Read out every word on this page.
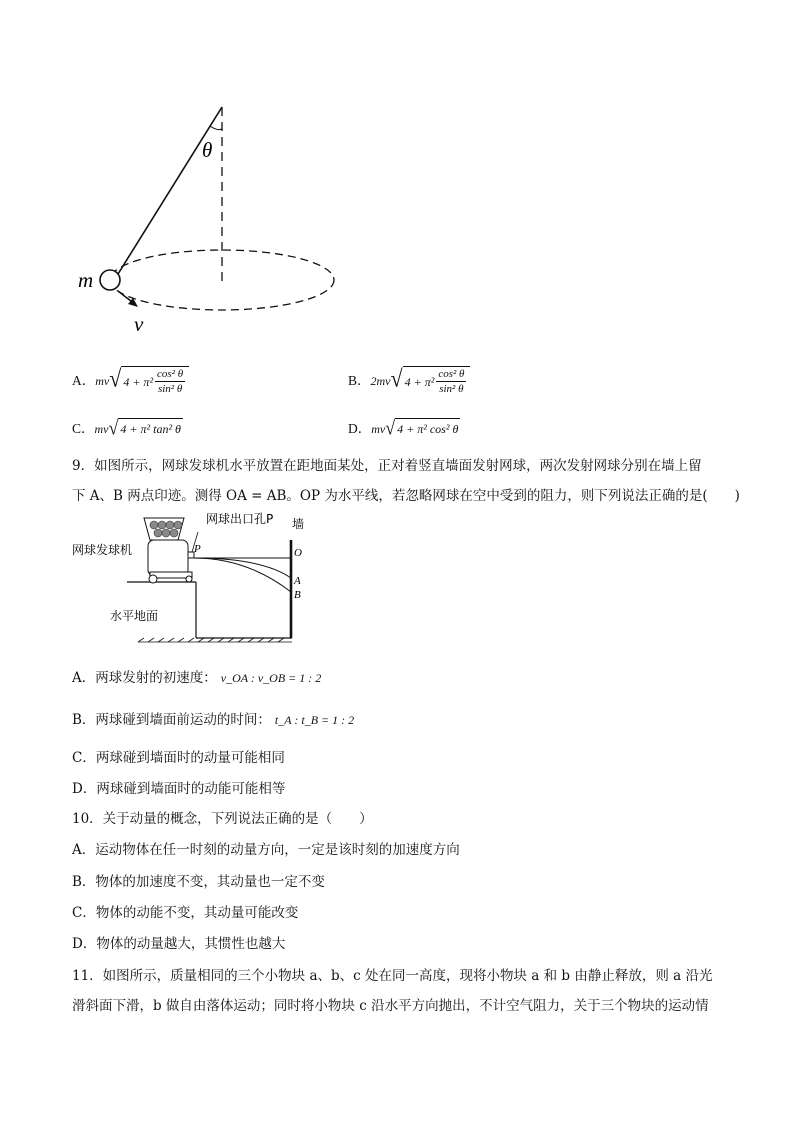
θ
m
v
A． mv √ $4 + \pi^2 \frac{\text{cos² θ}}{\text{sin² θ}}$	B． 2mv √ $4 + \pi^2 \frac{\text{cos² θ}}{\text{sin² θ}}$
C． mv √ 4 + π² tan² θ	D． mv √ 4 + π² cos² θ
9．如图所示，网球发球机水平放置在距地面某处，正对着竖直墙面发射网球，两次发射网球分别在墙上留
下 A、B 两点印迹。测得 OA = AB。OP 为水平线，若忽略网球在空中受到的阻力，则下列说法正确的是(　　)
网球发球机
网球出口孔P 墙
水平地面
P	O
A
B
A．两球发射的初速度： v_OA : v_OB = 1 : 2
B．两球碰到墙面前运动的时间： t_A : t_B = 1 : 2
C．两球碰到墙面时的动量可能相同
D．两球碰到墙面时的动能可能相等
10．关于动量的概念，下列说法正确的是（　　）
A．运动物体在任一时刻的动量方向，一定是该时刻的加速度方向
B．物体的加速度不变，其动量也一定不变
C．物体的动能不变，其动量可能改变
D．物体的动量越大，其惯性也越大
11．如图所示，质量相同的三个小物块 a、b、c 处在同一高度，现将小物块 a 和 b 由静止释放，则 a 沿光
滑斜面下滑，b 做自由落体运动；同时将小物块 c 沿水平方向抛出，不计空气阻力，关于三个物块的运动情
